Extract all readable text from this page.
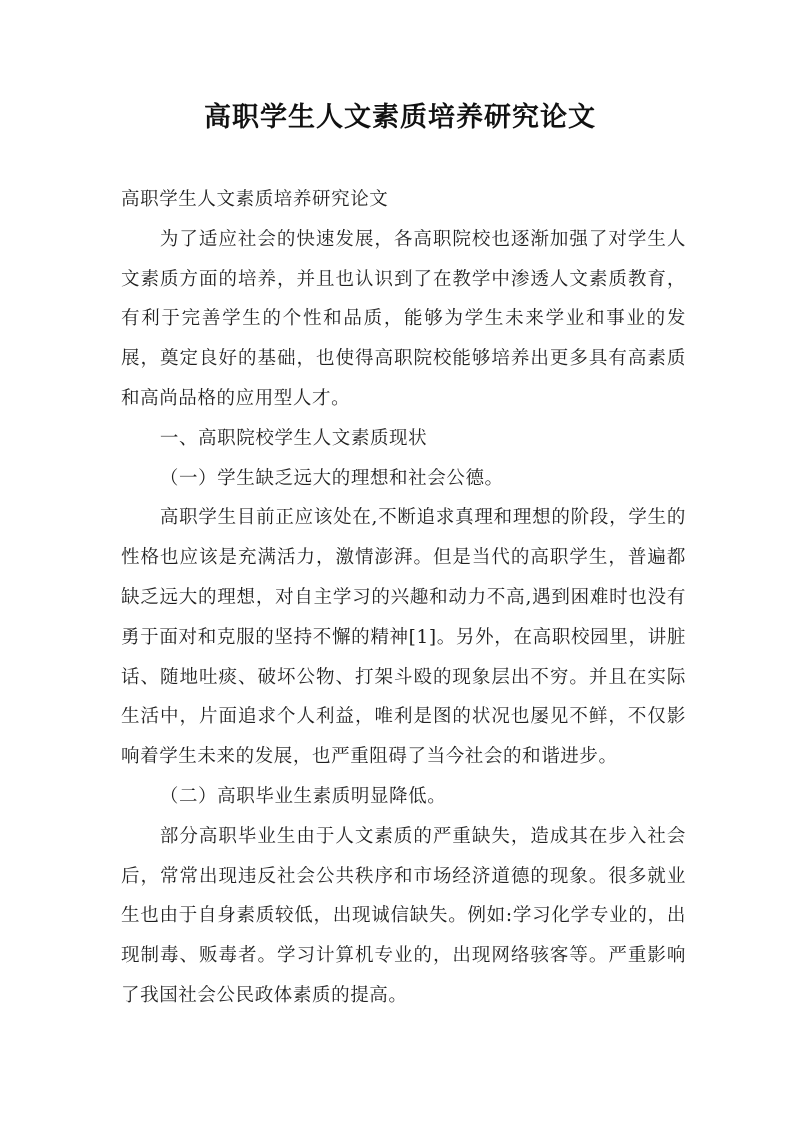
高职学生人文素质培养研究论文

高职学生人文素质培养研究论文

为了适应社会的快速发展，各高职院校也逐渐加强了对学生人文素质方面的培养，并且也认识到了在教学中渗透人文素质教育，有利于完善学生的个性和品质，能够为学生未来学业和事业的发展，奠定良好的基础，也使得高职院校能够培养出更多具有高素质和高尚品格的应用型人才。

一、高职院校学生人文素质现状

（一）学生缺乏远大的理想和社会公德。

高职学生目前正应该处在,不断追求真理和理想的阶段，学生的性格也应该是充满活力，激情澎湃。但是当代的高职学生，普遍都缺乏远大的理想，对自主学习的兴趣和动力不高,遇到困难时也没有勇于面对和克服的坚持不懈的精神[1]。另外，在高职校园里，讲脏话、随地吐痰、破坏公物、打架斗殴的现象层出不穷。并且在实际生活中，片面追求个人利益，唯利是图的状况也屡见不鲜，不仅影响着学生未来的发展，也严重阻碍了当今社会的和谐进步。

（二）高职毕业生素质明显降低。

部分高职毕业生由于人文素质的严重缺失，造成其在步入社会后，常常出现违反社会公共秩序和市场经济道德的现象。很多就业生也由于自身素质较低，出现诚信缺失。例如:学习化学专业的，出现制毒、贩毒者。学习计算机专业的，出现网络骇客等。严重影响了我国社会公民政体素质的提高。
